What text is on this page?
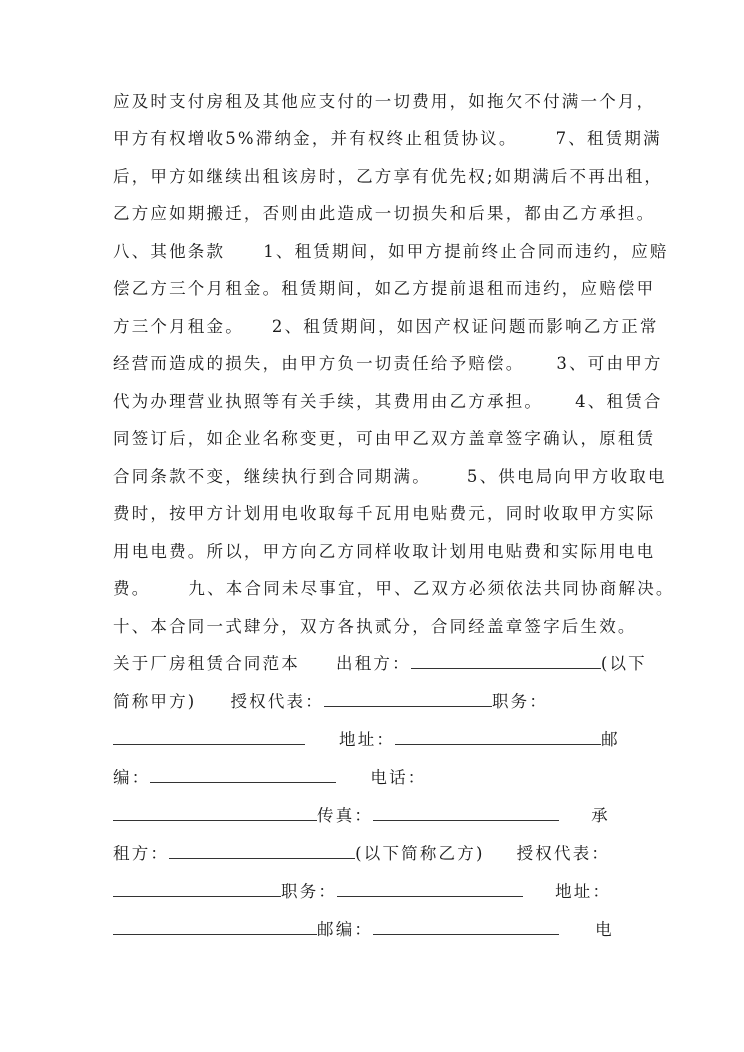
应及时支付房租及其他应支付的一切费用，如拖欠不付满一个月，
甲方有权增收5%滞纳金，并有权终止租赁协议。 7、租赁期满
后，甲方如继续出租该房时，乙方享有优先权;如期满后不再出租，
乙方应如期搬迁，否则由此造成一切损失和后果，都由乙方承担。
八、其他条款 1、租赁期间，如甲方提前终止合同而违约，应赔
偿乙方三个月租金。租赁期间，如乙方提前退租而违约，应赔偿甲
方三个月租金。 2、租赁期间，如因产权证问题而影响乙方正常
经营而造成的损失，由甲方负一切责任给予赔偿。 3、可由甲方
代为办理营业执照等有关手续，其费用由乙方承担。 4、租赁合
同签订后，如企业名称变更，可由甲乙双方盖章签字确认，原租赁
合同条款不变，继续执行到合同期满。 5、供电局向甲方收取电
费时，按甲方计划用电收取每千瓦用电贴费元，同时收取甲方实际
用电电费。所以，甲方向乙方同样收取计划用电贴费和实际用电电
费。 九、本合同未尽事宜，甲、乙双方必须依法共同协商解决。
十、本合同一式肆分，双方各执贰分，合同经盖章签字后生效。
关于厂房租赁合同范本 出租方：	(以下
简称甲方) 授权代表：	职务：
地址：	邮
编：	电话：
传真：	承
租方：	(以下简称乙方) 授权代表：
职务：	地址：
邮编：	电
